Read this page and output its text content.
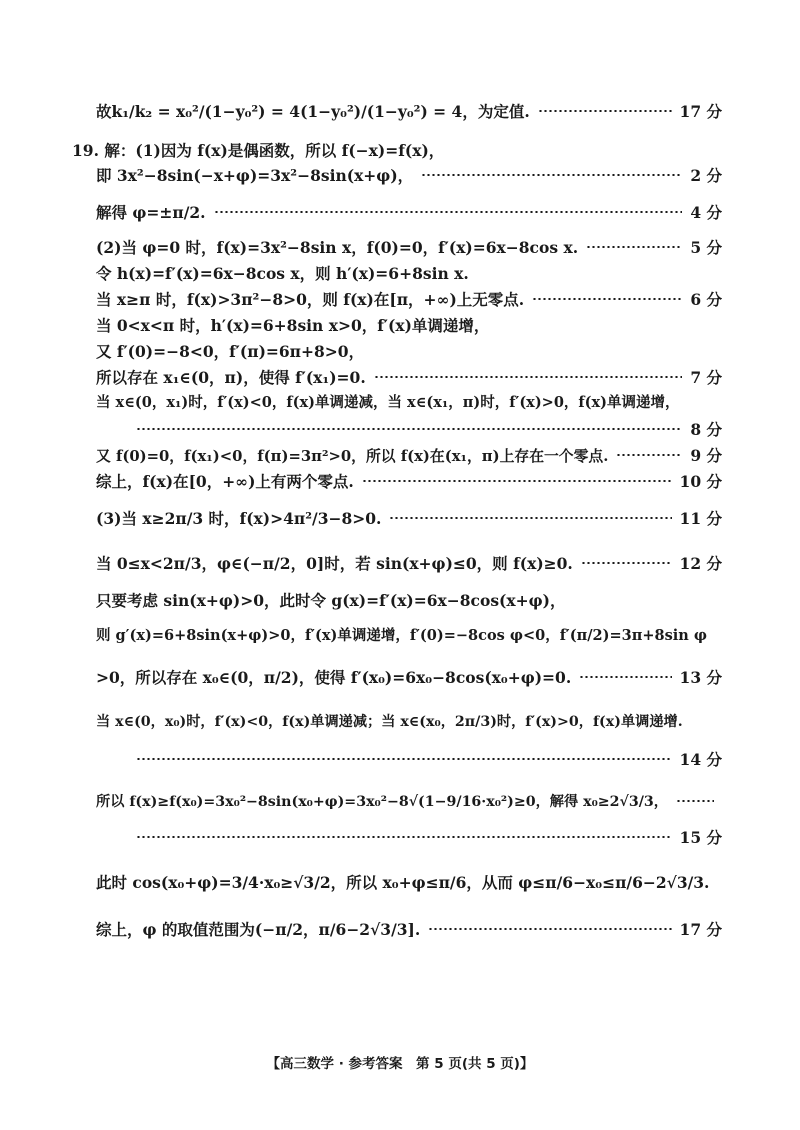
故k₁/k₂ = x₀²/(1−y₀²) = 4(1−y₀²)/(1−y₀²) = 4，为定值.	17 分
19. 解：(1)因为 f(x)是偶函数，所以 f(−x)=f(x)，
即 3x²−8sin(−x+φ)=3x²−8sin(x+φ)，	2 分
解得 φ=±π/2.	4 分
(2)当 φ=0 时，f(x)=3x²−8sin x，f(0)=0，f′(x)=6x−8cos x.	5 分
令 h(x)=f′(x)=6x−8cos x，则 h′(x)=6+8sin x.
当 x≥π 时，f(x)>3π²−8>0，则 f(x)在[π，+∞)上无零点.	6 分
当 0<x<π 时，h′(x)=6+8sin x>0，f′(x)单调递增，
又 f′(0)=−8<0，f′(π)=6π+8>0，
所以存在 x₁∈(0，π)，使得 f′(x₁)=0.	7 分
当 x∈(0，x₁)时，f′(x)<0，f(x)单调递减，当 x∈(x₁，π)时，f′(x)>0，f(x)单调递增，
8 分
又 f(0)=0，f(x₁)<0，f(π)=3π²>0，所以 f(x)在(x₁，π)上存在一个零点.	9 分
综上，f(x)在[0，+∞)上有两个零点.	10 分
(3)当 x≥2π/3 时，f(x)>4π²/3−8>0.	11 分
当 0≤x<2π/3，φ∈(−π/2，0]时，若 sin(x+φ)≤0，则 f(x)≥0.	12 分
只要考虑 sin(x+φ)>0，此时令 g(x)=f′(x)=6x−8cos(x+φ)，
则 g′(x)=6+8sin(x+φ)>0，f′(x)单调递增，f′(0)=−8cos φ<0，f′(π/2)=3π+8sin φ
>0，所以存在 x₀∈(0，π/2)，使得 f′(x₀)=6x₀−8cos(x₀+φ)=0.	13 分
当 x∈(0，x₀)时，f′(x)<0，f(x)单调递减；当 x∈(x₀，2π/3)时，f′(x)>0，f(x)单调递增.
14 分
所以 f(x)≥f(x₀)=3x₀²−8sin(x₀+φ)=3x₀²−8√(1−9/16·x₀²)≥0，解得 x₀≥2√3/3，
15 分
此时 cos(x₀+φ)=3/4·x₀≥√3/2，所以 x₀+φ≤π/6，从而 φ≤π/6−x₀≤π/6−2√3/3.
综上，φ 的取值范围为(−π/2，π/6−2√3/3].	17 分
【高三数学 · 参考答案　第 5 页(共 5 页)】
